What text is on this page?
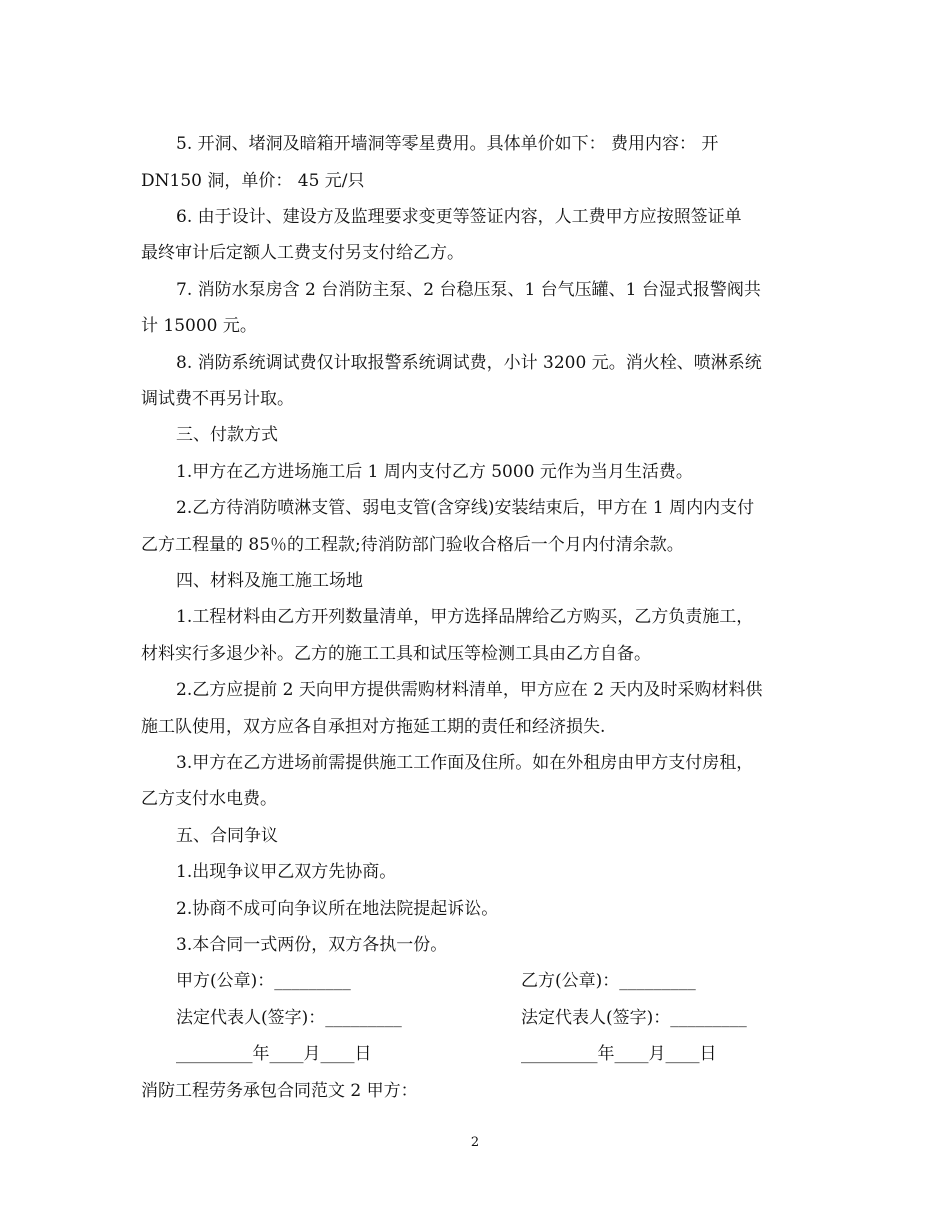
5. 开洞、堵洞及暗箱开墙洞等零星费用。具体单价如下： 费用内容： 开
DN150 洞，单价： 45 元/只
6. 由于设计、建设方及监理要求变更等签证内容，人工费甲方应按照签证单
最终审计后定额人工费支付另支付给乙方。
7. 消防水泵房含 2 台消防主泵、2 台稳压泵、1 台气压罐、1 台湿式报警阀共
计 15000 元。
8. 消防系统调试费仅计取报警系统调试费，小计 3200 元。消火栓、喷淋系统
调试费不再另计取。
三、付款方式
1.甲方在乙方进场施工后 1 周内支付乙方 5000 元作为当月生活费。
2.乙方待消防喷淋支管、弱电支管(含穿线)安装结束后，甲方在 1 周内内支付
乙方工程量的 85％的工程款;待消防部门验收合格后一个月内付清余款。
四、材料及施工施工场地
1.工程材料由乙方开列数量清单，甲方选择品牌给乙方购买，乙方负责施工，
材料实行多退少补。乙方的施工工具和试压等检测工具由乙方自备。
2.乙方应提前 2 天向甲方提供需购材料清单，甲方应在 2 天内及时采购材料供
施工队使用，双方应各自承担对方拖延工期的责任和经济损失.
3.甲方在乙方进场前需提供施工工作面及住所。如在外租房由甲方支付房租，
乙方支付水电费。
五、合同争议
1.出现争议甲乙双方先协商。
2.协商不成可向争议所在地法院提起诉讼。
3.本合同一式两份，双方各执一份。
甲方(公章)：_________	乙方(公章)：_________
法定代表人(签字)：_________	法定代表人(签字)：_________
_________年____月____日	_________年____月____日
消防工程劳务承包合同范文 2 甲方：
2
